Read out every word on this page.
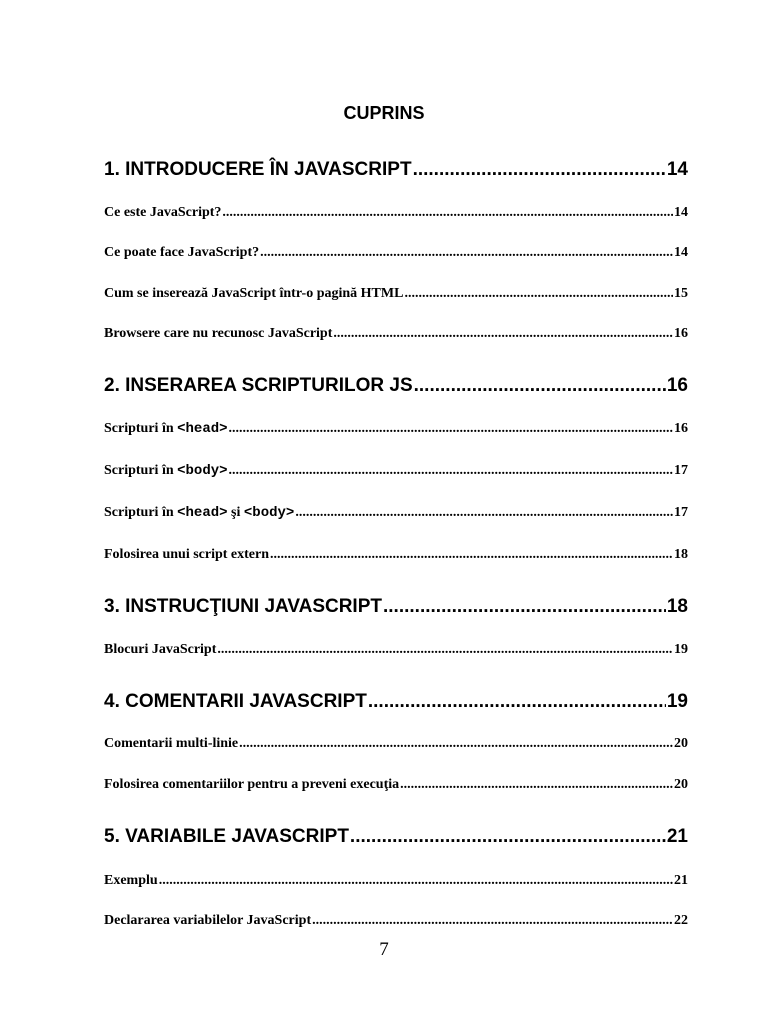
CUPRINS
1. INTRODUCERE ÎN JAVASCRIPT .....	14
Ce este JavaScript? .....	14
Ce poate face JavaScript? .....	14
Cum se inserează JavaScript într-o pagină HTML .....	15
Browsere care nu recunosc JavaScript .....	16
2. INSERAREA SCRIPTURILOR JS .....	16
Scripturi în <head> .....	16
Scripturi în <body> .....	17
Scripturi în <head> şi <body> .....	17
Folosirea unui script extern .....	18
3. INSTRUCŢIUNI JAVASCRIPT .....	18
Blocuri JavaScript .....	19
4. COMENTARII JAVASCRIPT .....	19
Comentarii multi-linie .....	20
Folosirea comentariilor pentru a preveni execuţia .....	20
5. VARIABILE JAVASCRIPT .....	21
Exemplu .....	21
Declararea variabilelor JavaScript .....	22
7
